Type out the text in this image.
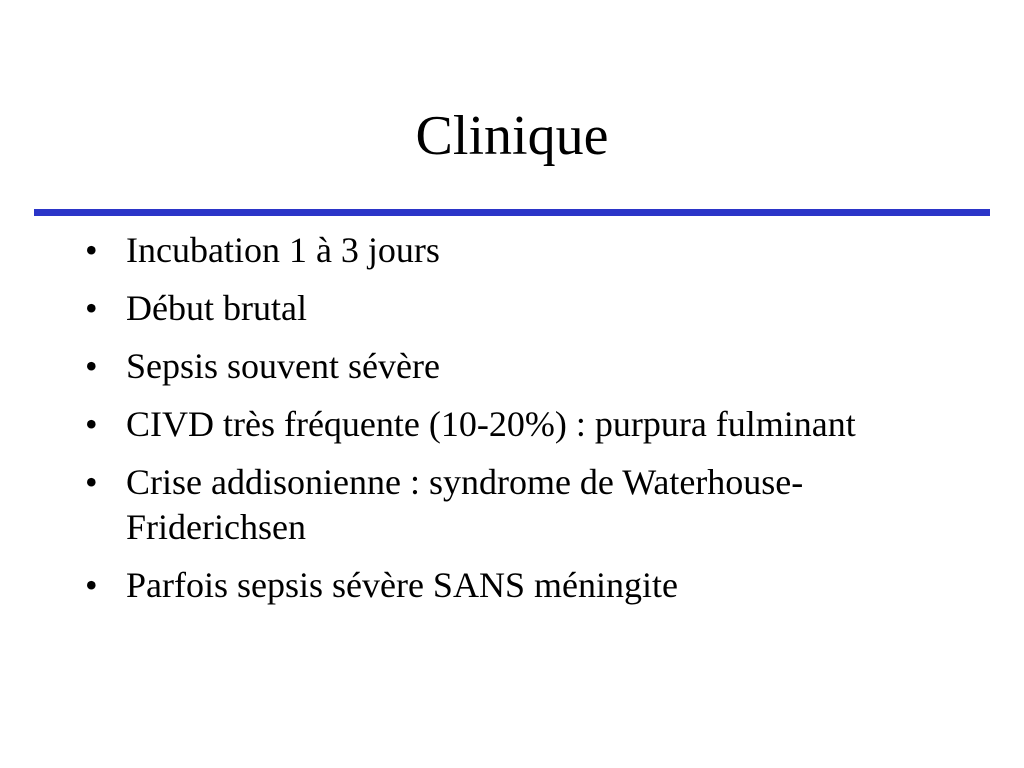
Clinique
• Incubation 1 à 3 jours
• Début brutal
• Sepsis souvent sévère
• CIVD très fréquente (10-20%) : purpura fulminant
• Crise addisonienne : syndrome de Waterhouse-Friderichsen
• Parfois sepsis sévère SANS méningite
